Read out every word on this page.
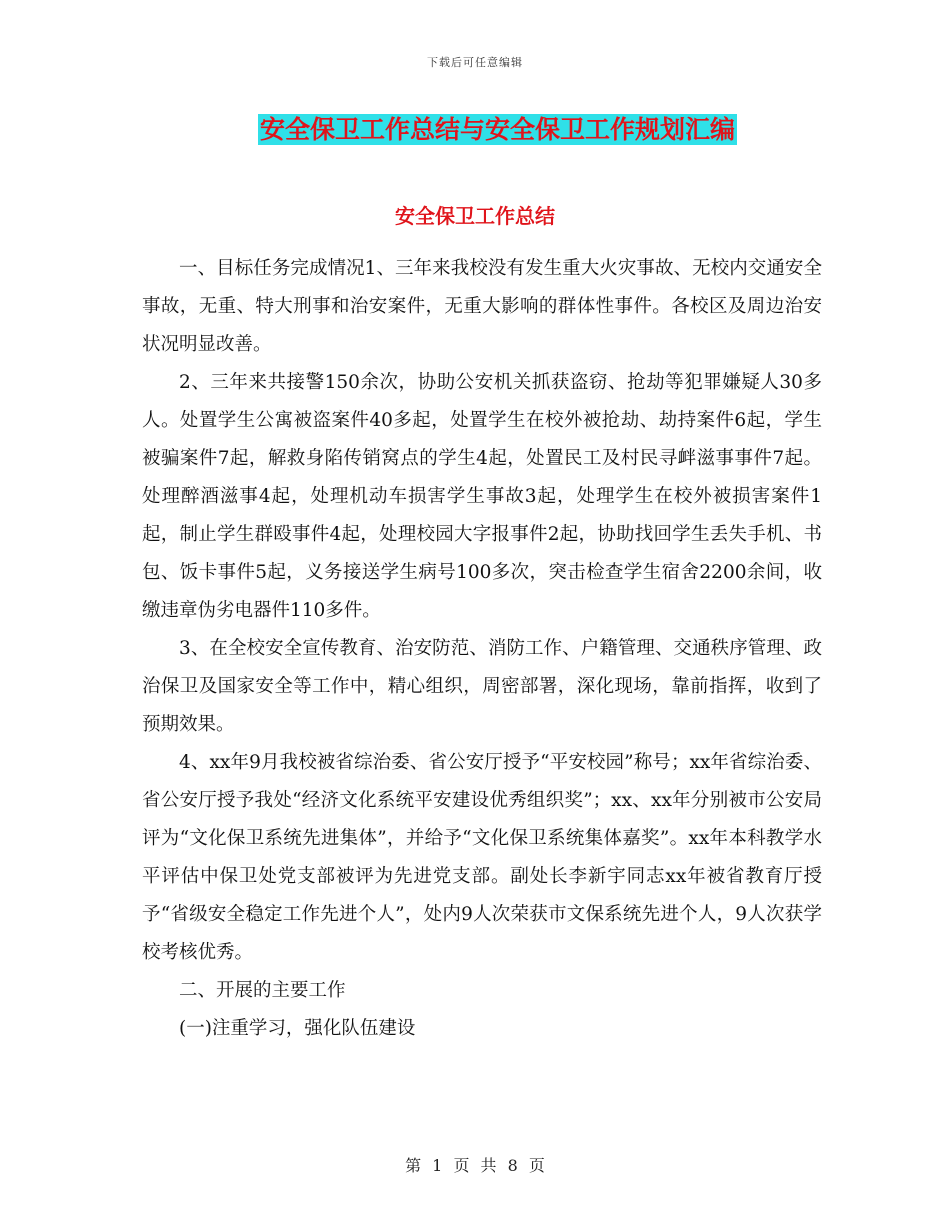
下载后可任意编辑
安全保卫工作总结与安全保卫工作规划汇编
安全保卫工作总结

一、目标任务完成情况1、三年来我校没有发生重大火灾事故、无校内交通安全事故，无重、特大刑事和治安案件，无重大影响的群体性事件。各校区及周边治安状况明显改善。

2、三年来共接警150余次，协助公安机关抓获盗窃、抢劫等犯罪嫌疑人30多人。处置学生公寓被盗案件40多起，处置学生在校外被抢劫、劫持案件6起，学生被骗案件7起，解救身陷传销窝点的学生4起，处置民工及村民寻衅滋事事件7起。处理醉酒滋事4起，处理机动车损害学生事故3起，处理学生在校外被损害案件1起，制止学生群殴事件4起，处理校园大字报事件2起，协助找回学生丢失手机、书包、饭卡事件5起，义务接送学生病号100多次，突击检查学生宿舍2200余间，收缴违章伪劣电器件110多件。

3、在全校安全宣传教育、治安防范、消防工作、户籍管理、交通秩序管理、政治保卫及国家安全等工作中，精心组织，周密部署，深化现场，靠前指挥，收到了预期效果。

4、xx年9月我校被省综治委、省公安厅授予“平安校园”称号；xx年省综治委、省公安厅授予我处“经济文化系统平安建设优秀组织奖”；xx、xx年分别被市公安局评为“文化保卫系统先进集体”，并给予“文化保卫系统集体嘉奖”。xx年本科教学水平评估中保卫处党支部被评为先进党支部。副处长李新宇同志xx年被省教育厅授予“省级安全稳定工作先进个人”，处内9人次荣获市文保系统先进个人，9人次获学校考核优秀。

二、开展的主要工作

(一)注重学习，强化队伍建设

第 1 页 共 8 页
